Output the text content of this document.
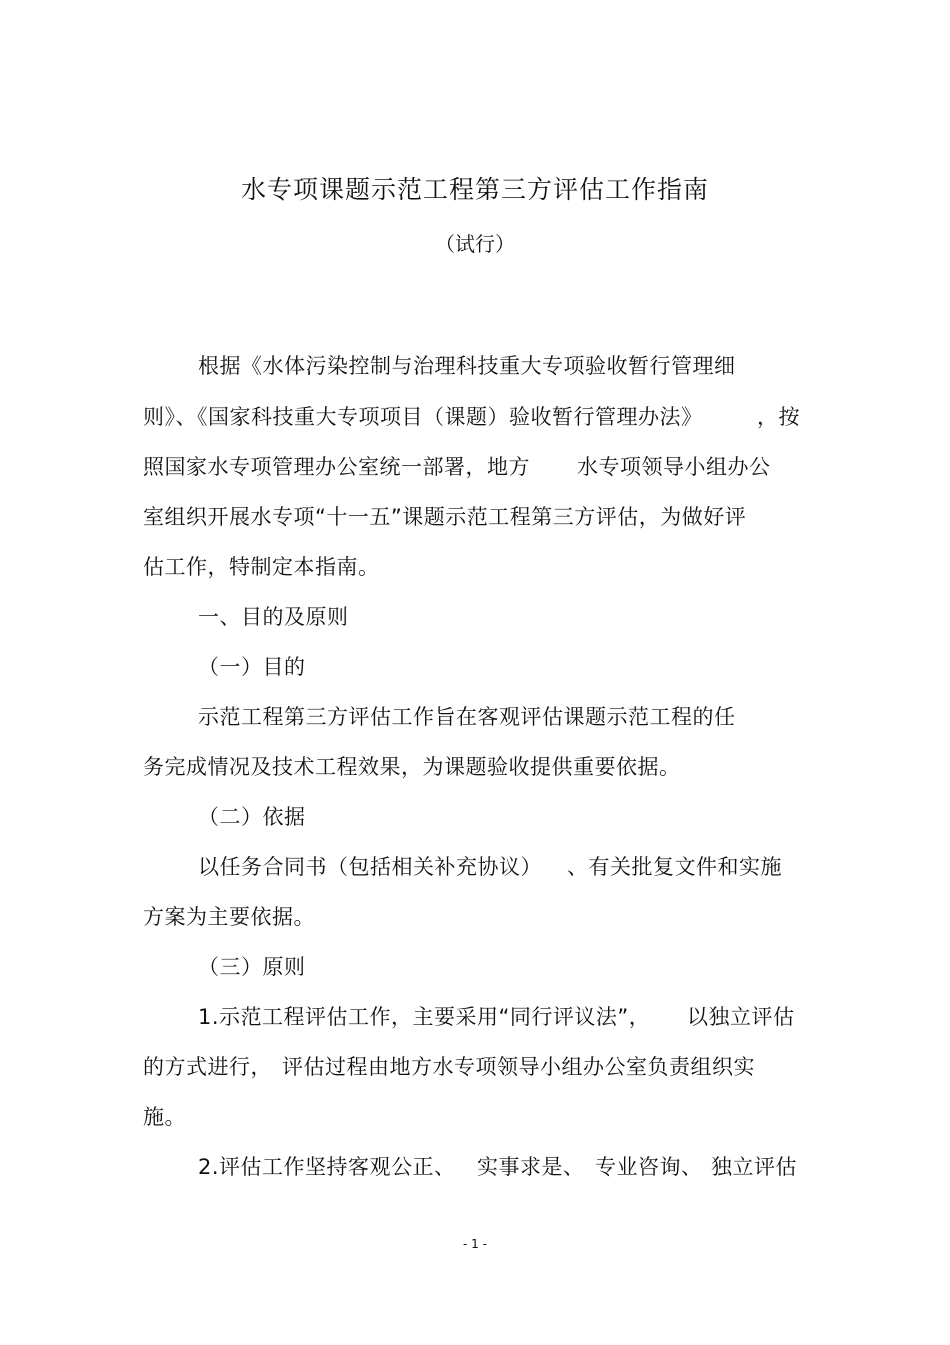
水专项课题示范工程第三方评估工作指南
（试行）
根据《水体污染控制与治理科技重大专项验收暂行管理细
则》、《国家科技重大专项项目（课题）验收暂行管理办法》	，按
照国家水专项管理办公室统一部署，地方 水专项领导小组办公
室组织开展水专项“十一五”课题示范工程第三方评估，为做好评
估工作，特制定本指南。
一、目的及原则
（一）目的
示范工程第三方评估工作旨在客观评估课题示范工程的任
务完成情况及技术工程效果，为课题验收提供重要依据。
（二）依据
以任务合同书（包括相关补充协议） 、有关批复文件和实施
方案为主要依据。
（三）原则
1.示范工程评估工作，主要采用“同行评议法”， 以独立评估
的方式进行， 评估过程由地方水专项领导小组办公室负责组织实
施。
2.评估工作坚持客观公正、 实事求是、 专业咨询、 独立评估
- 1 -
